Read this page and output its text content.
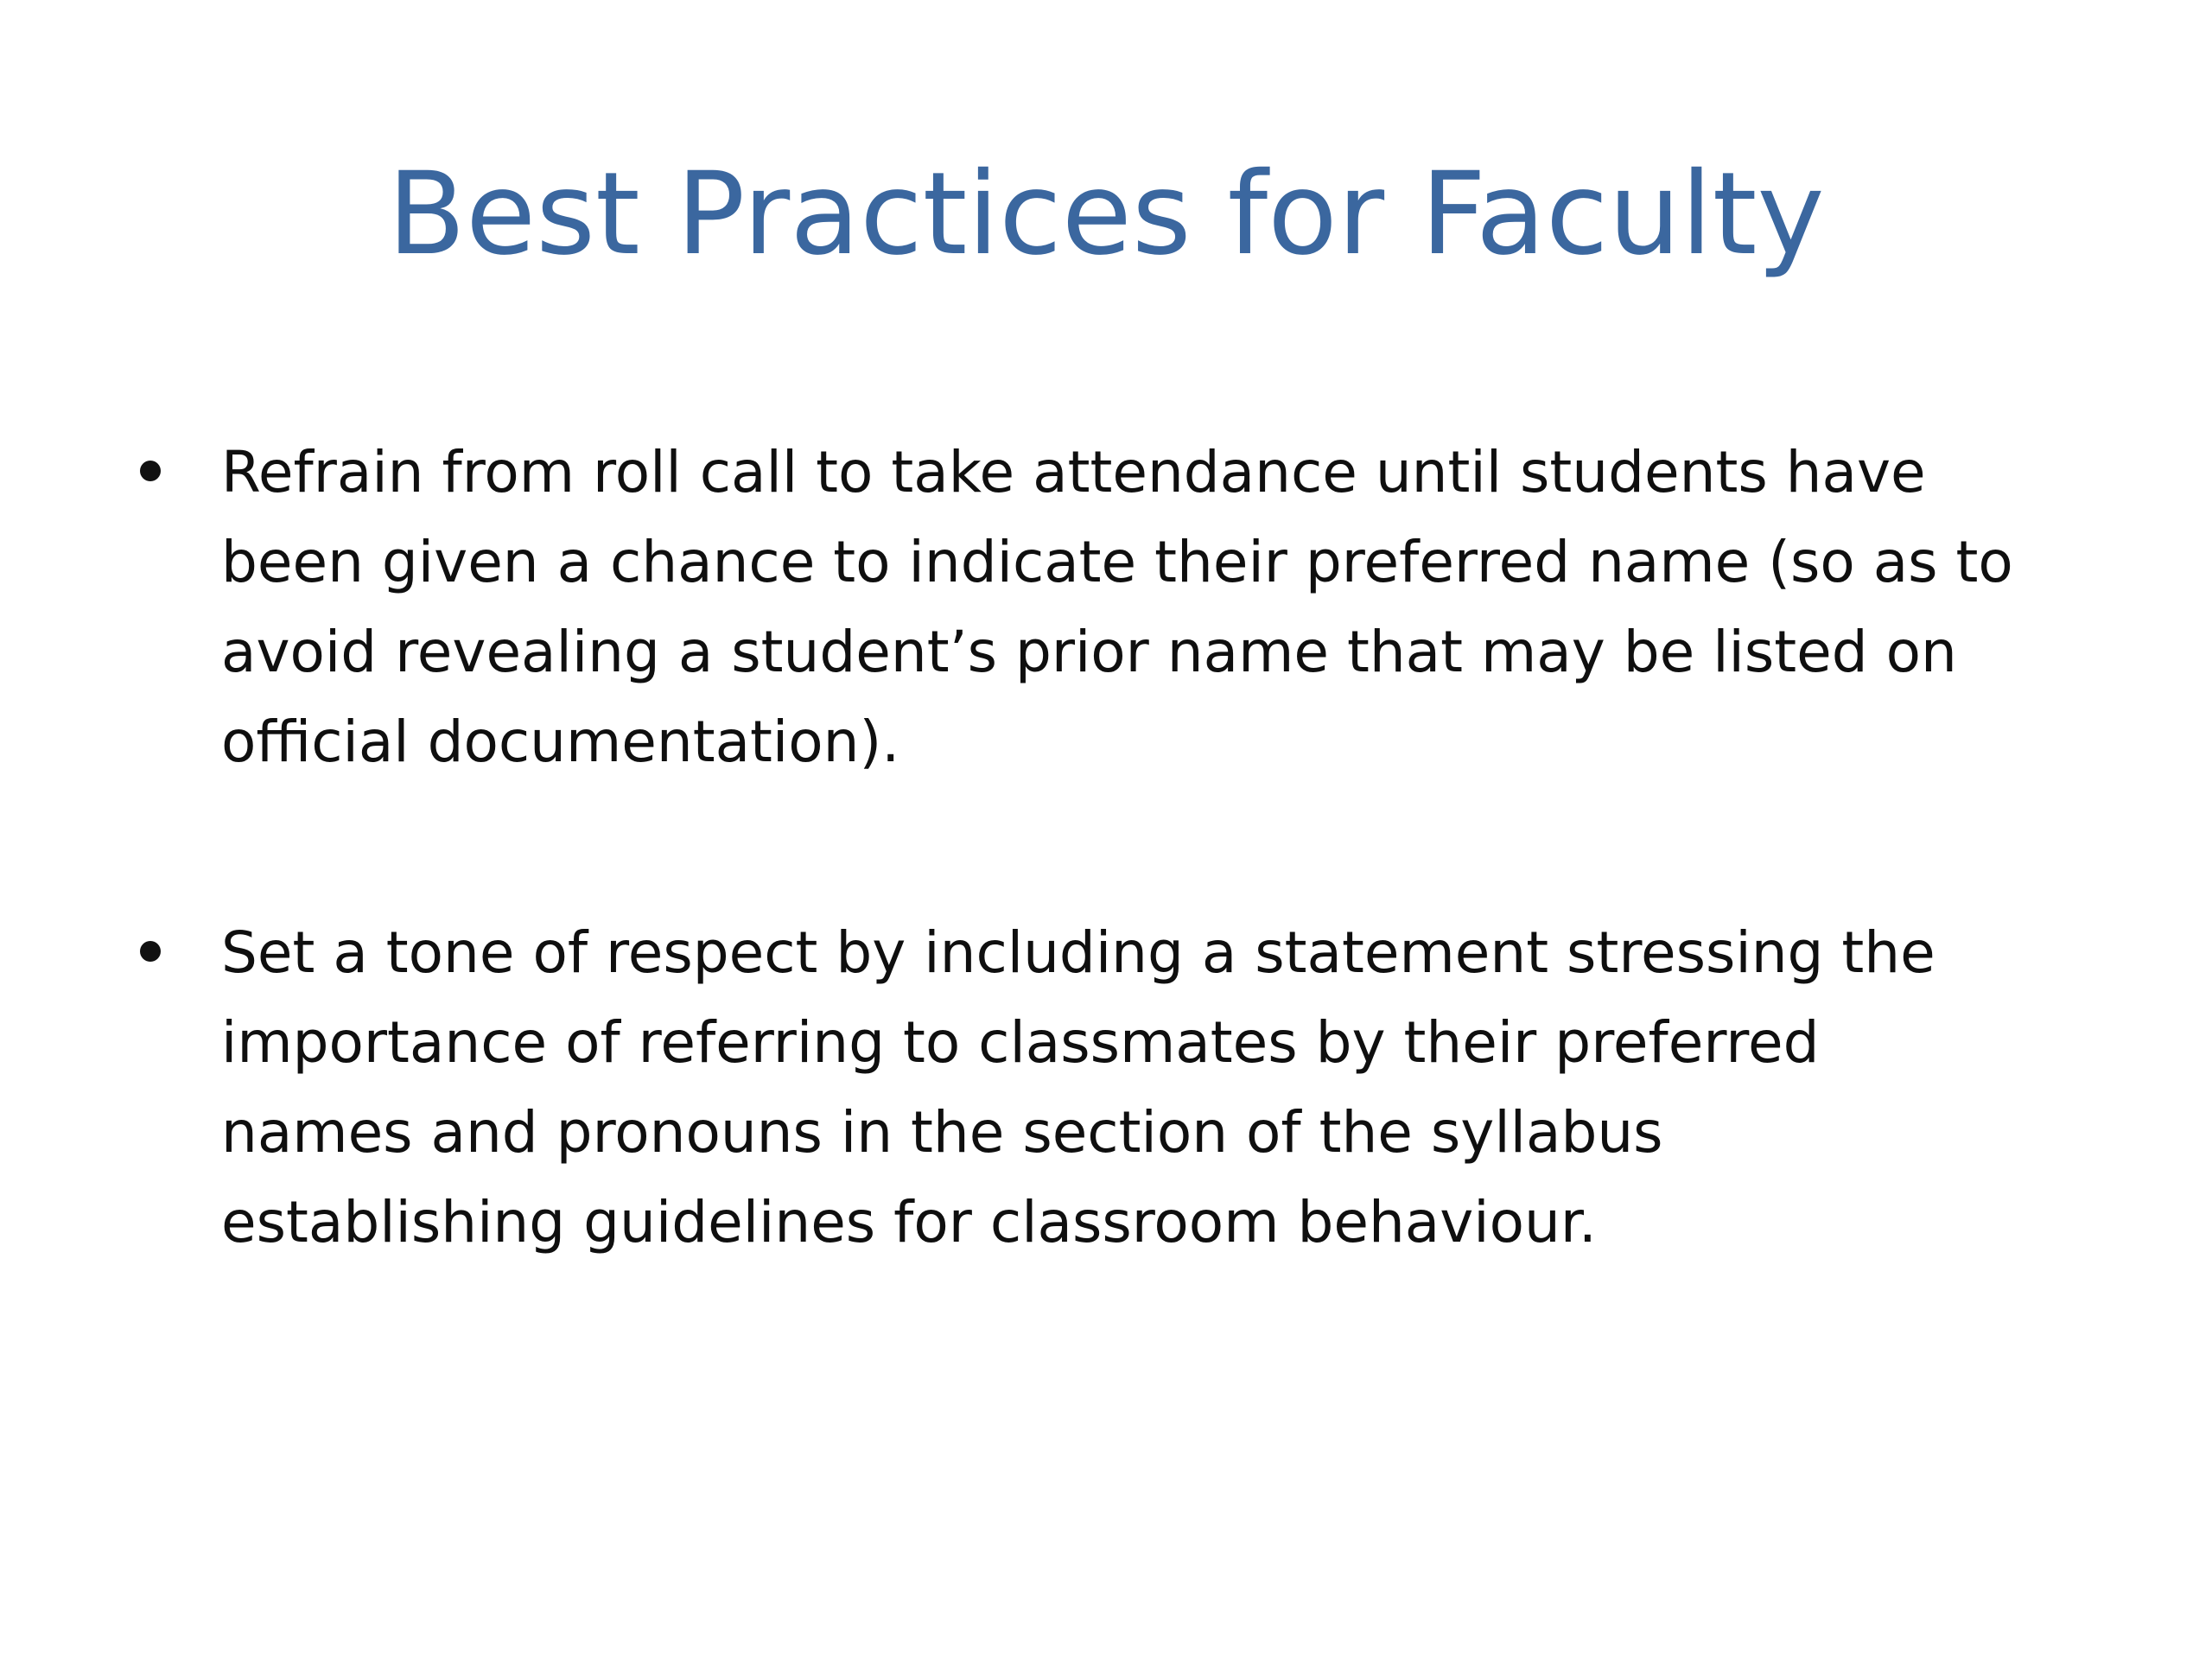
Best Practices for Faculty
Refrain from roll call to take attendance until students have
been given a chance to indicate their preferred name (so as to
avoid revealing a student’s prior name that may be listed on
official documentation).
Set a tone of respect by including a statement stressing the
importance of referring to classmates by their preferred
names and pronouns in the section of the syllabus
establishing guidelines for classroom behaviour.
